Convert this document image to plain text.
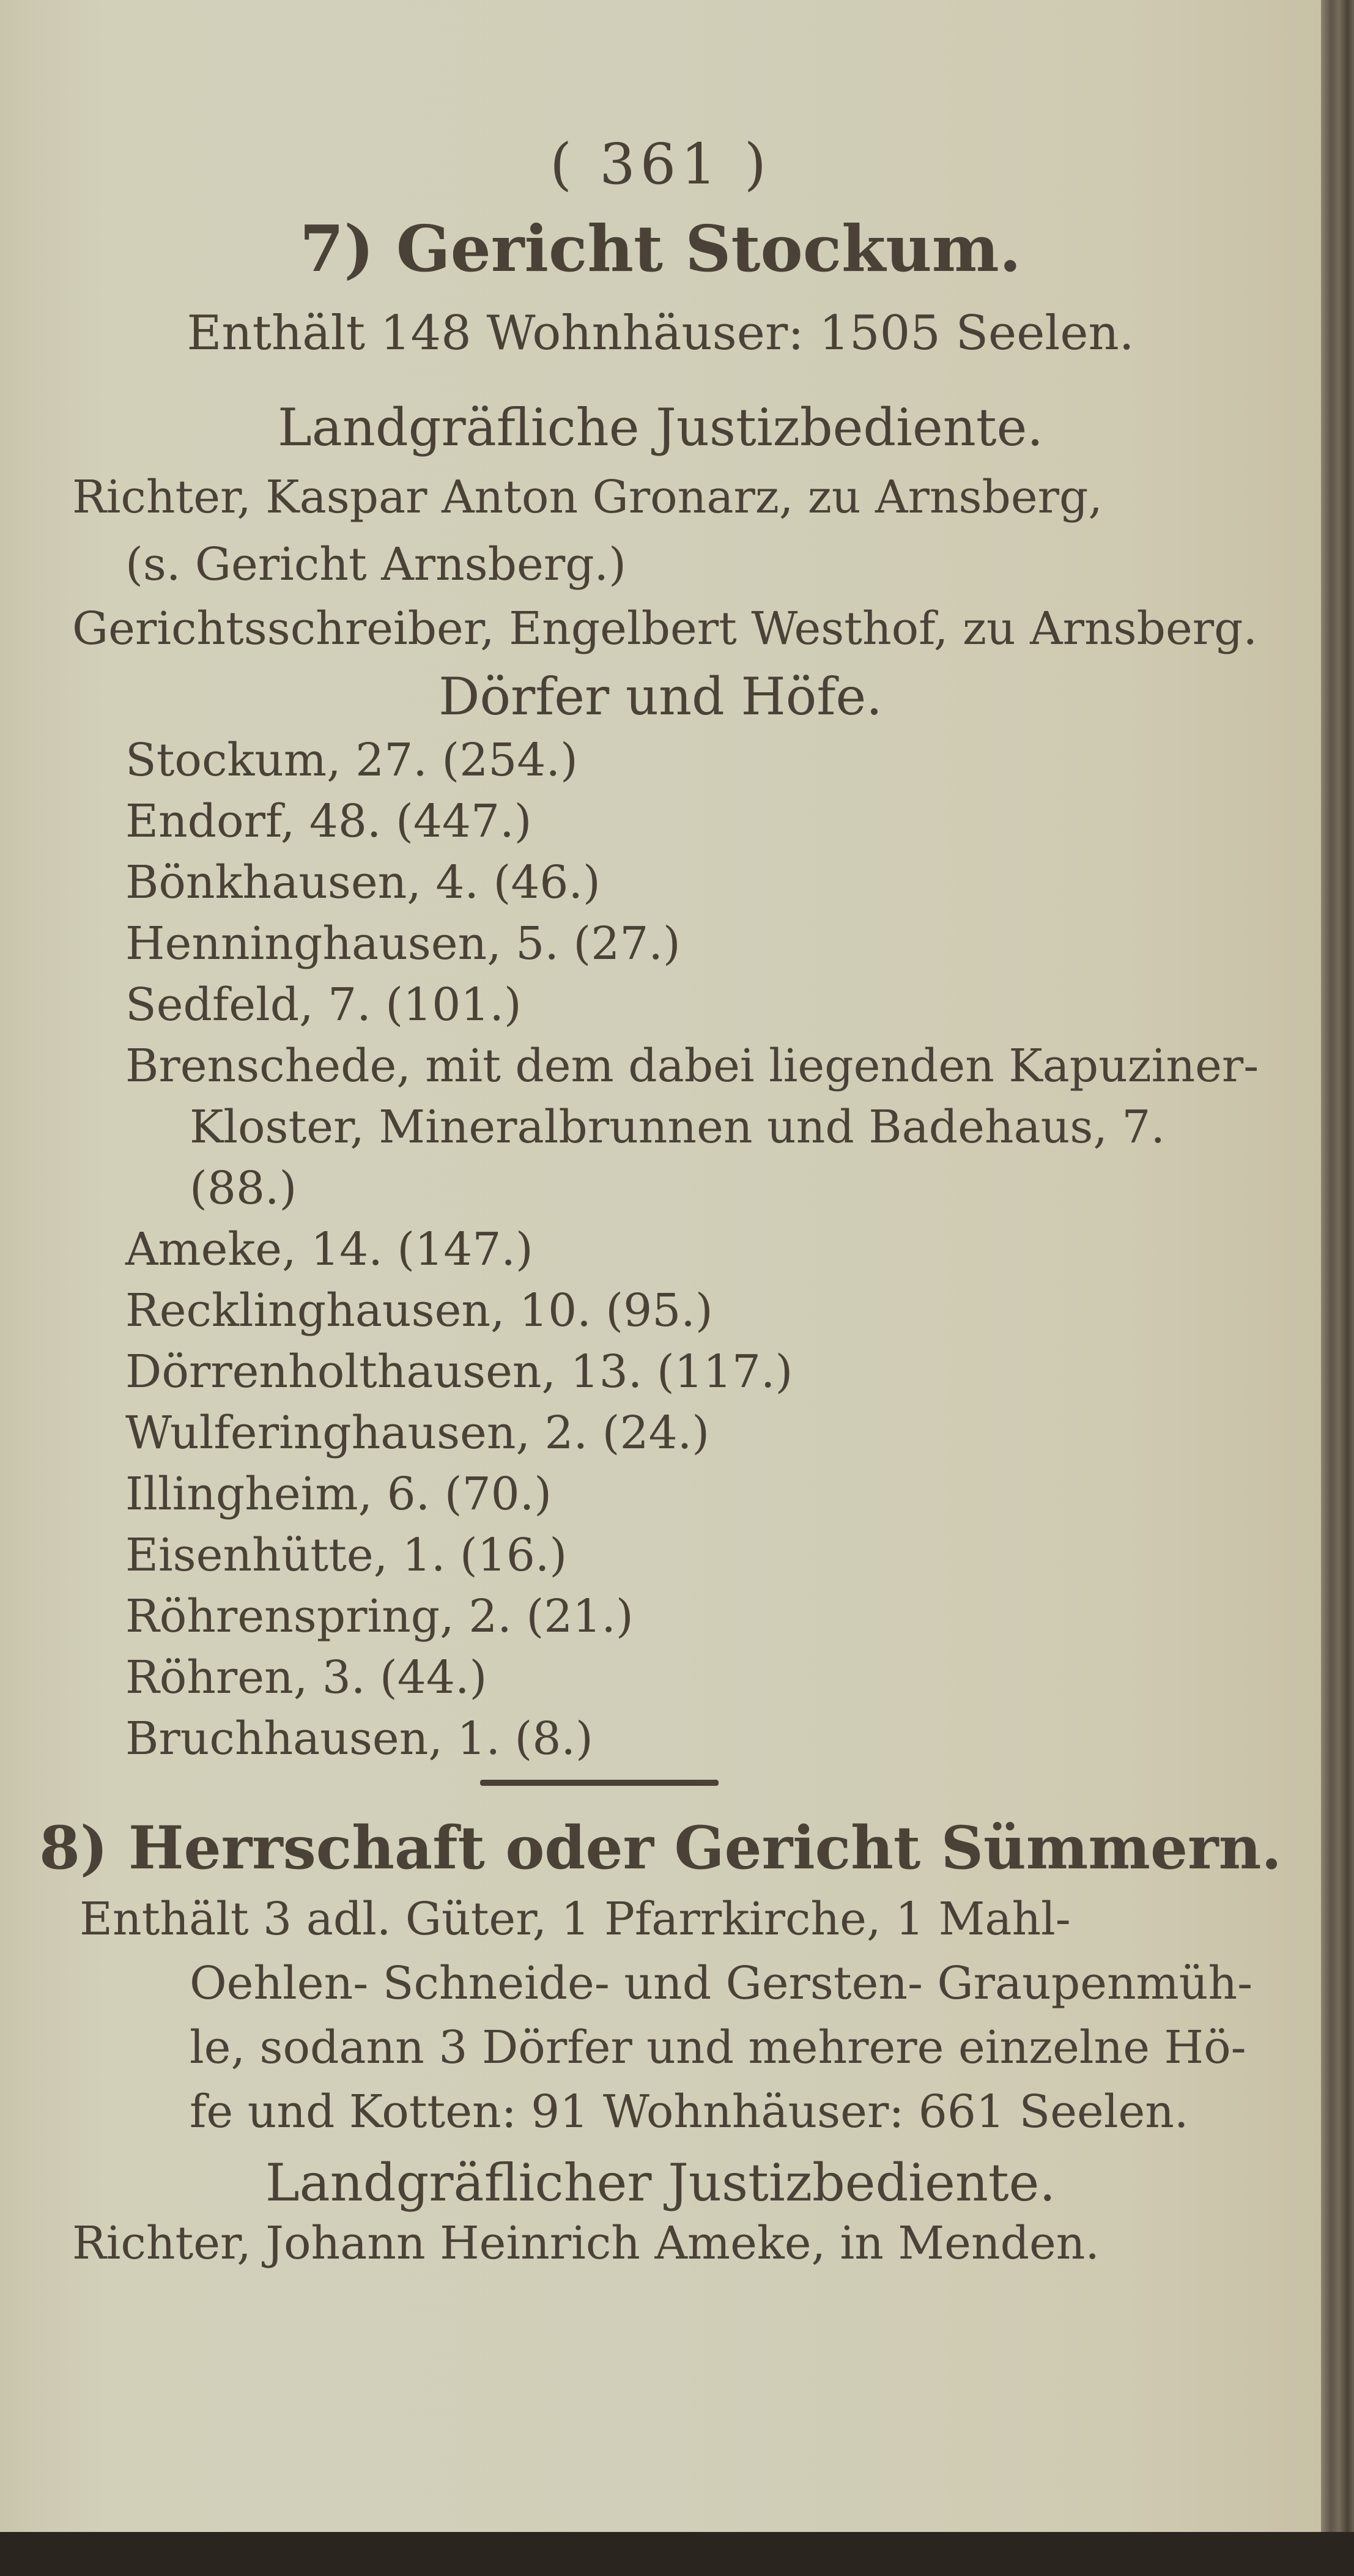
( 361 )
7) Gericht Stockum.
Enthält 148 Wohnhäuser: 1505 Seelen.
Landgräfliche Justizbediente.
Richter, Kaspar Anton Gronarz, zu Arnsberg,
(s. Gericht Arnsberg.)
Gerichtsschreiber, Engelbert Westhof, zu Arnsberg.
Dörfer und Höfe.
Stockum, 27. (254.)
Endorf, 48. (447.)
Bönkhausen, 4. (46.)
Henninghausen, 5. (27.)
Sedfeld, 7. (101.)
Brenschede, mit dem dabei liegenden Kapuziner-
Kloster, Mineralbrunnen und Badehaus, 7.
(88.)
Ameke, 14. (147.)
Recklinghausen, 10. (95.)
Dörrenholthausen, 13. (117.)
Wulferinghausen, 2. (24.)
Illingheim, 6. (70.)
Eisenhütte, 1. (16.)
Röhrenspring, 2. (21.)
Röhren, 3. (44.)
Bruchhausen, 1. (8.)
8) Herrschaft oder Gericht Sümmern.
Enthält 3 adl. Güter, 1 Pfarrkirche, 1 Mahl-
Oehlen- Schneide- und Gersten- Graupenmüh-
le, sodann 3 Dörfer und mehrere einzelne Hö-
fe und Kotten: 91 Wohnhäuser: 661 Seelen.
Landgräflicher Justizbediente.
Richter, Johann Heinrich Ameke, in Menden.
